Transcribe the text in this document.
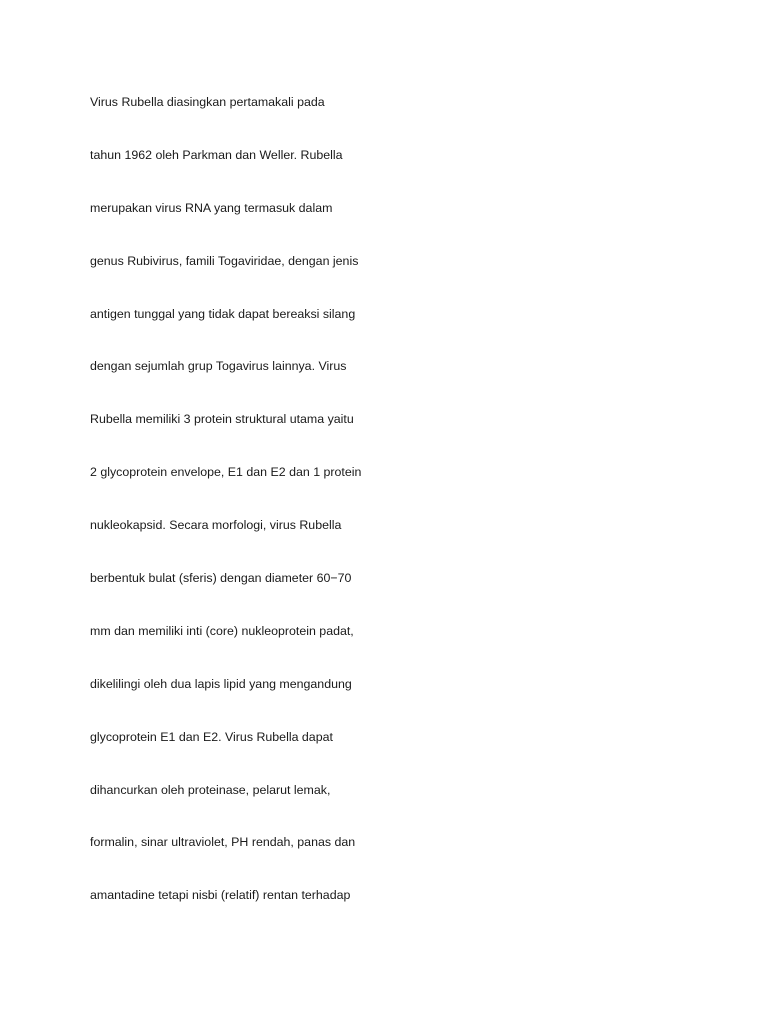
Virus Rubella diasingkan pertamakali pada
tahun 1962 oleh Parkman dan Weller. Rubella
merupakan virus RNA yang termasuk dalam
genus Rubivirus, famili Togaviridae, dengan jenis
antigen tunggal yang tidak dapat bereaksi silang
dengan sejumlah grup Togavirus lainnya. Virus
Rubella memiliki 3 protein struktural utama yaitu
2 glycoprotein envelope, E1 dan E2 dan 1 protein
nukleokapsid. Secara morfologi, virus Rubella
berbentuk bulat (sferis) dengan diameter 60−70
mm dan memiliki inti (core) nukleoprotein padat,
dikelilingi oleh dua lapis lipid yang mengandung
glycoprotein E1 dan E2. Virus Rubella dapat
dihancurkan oleh proteinase, pelarut lemak,
formalin, sinar ultraviolet, PH rendah, panas dan
amantadine tetapi nisbi (relatif) rentan terhadap
